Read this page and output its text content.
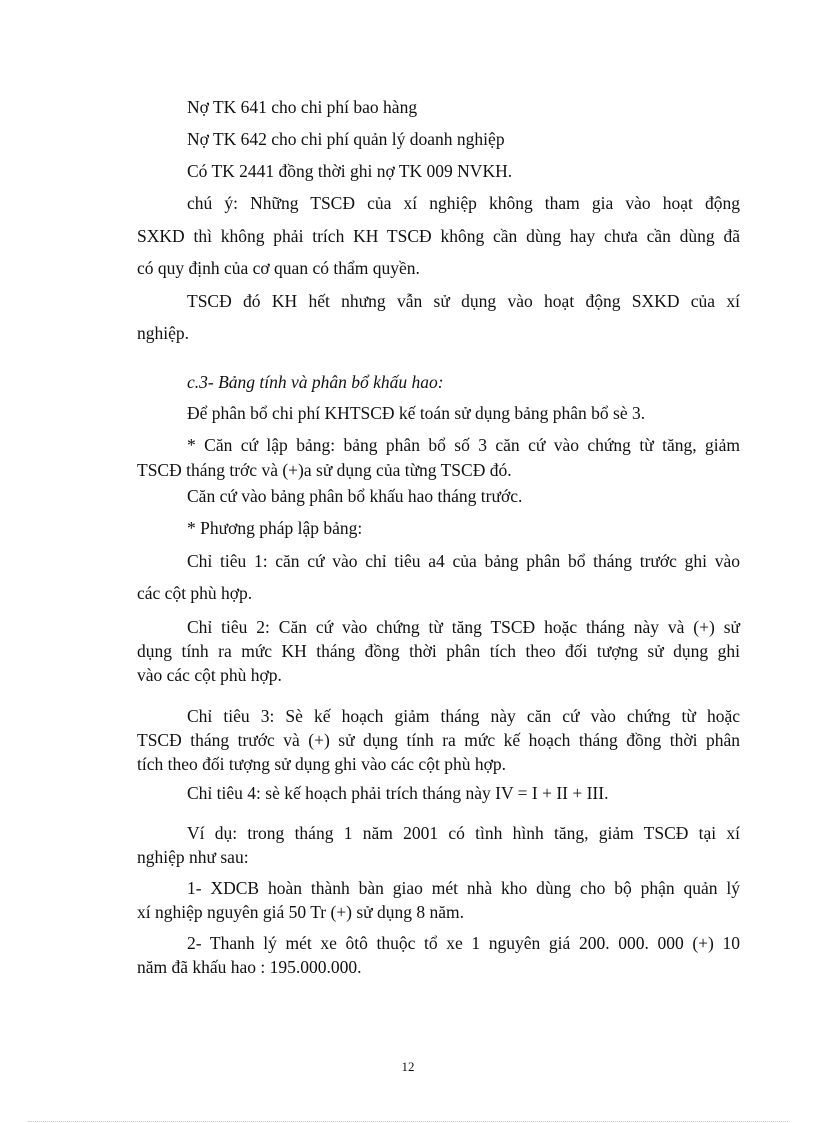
Nợ TK 641 cho chi phí bao hàng
Nợ TK 642 cho chi phí quản lý doanh nghiệp
Có TK 2441 đồng thời ghi nợ TK 009 NVKH.
chú ý: Những TSCĐ của xí nghiệp không tham gia vào hoạt động
SXKD thì không phải trích KH TSCĐ không cần dùng hay chưa cần dùng đã
có quy định của cơ quan có thẩm quyền.
TSCĐ đó KH hết nhưng vẫn sử dụng vào hoạt động SXKD của xí
nghiệp.
c.3- Bảng tính và phân bổ khấu hao:
Để phân bổ chi phí KHTSCĐ kế toán sử dụng bảng phân bổ sè 3.
* Căn cứ lập bảng: bảng phân bổ số 3 căn cứ vào chứng từ tăng, giảm
TSCĐ tháng trớc và (+)a sử dụng của từng TSCĐ đó.
Căn cứ vào bảng phân bổ khấu hao tháng trước.
* Phương pháp lập bảng:
Chỉ tiêu 1: căn cứ vào chỉ tiêu a4 của bảng phân bổ tháng trước ghi vào
các cột phù hợp.
Chỉ tiêu 2: Căn cứ vào chứng từ tăng TSCĐ hoặc tháng này và (+) sử
dụng tính ra mức KH tháng đồng thời phân tích theo đối tượng sử dụng ghi
vào các cột phù hợp.
Chỉ tiêu 3: Sè kế hoạch giảm tháng này căn cứ vào chứng từ hoặc
TSCĐ tháng trước và (+) sử dụng tính ra mức kế hoạch tháng đồng thời phân
tích theo đối tượng sử dụng ghi vào các cột phù hợp.
Chỉ tiêu 4: sè kế hoạch phải trích tháng này IV = I + II + III.
Ví dụ: trong tháng 1 năm 2001 có tình hình tăng, giảm TSCĐ tại xí
nghiệp như sau:
1- XDCB hoàn thành bàn giao mét nhà kho dùng cho bộ phận quản lý
xí nghiệp nguyên giá 50 Tr (+) sử dụng 8 năm.
2- Thanh lý mét xe ôtô thuộc tổ xe 1 nguyên giá 200. 000. 000 (+) 10
năm đã khấu hao : 195.000.000.
12
